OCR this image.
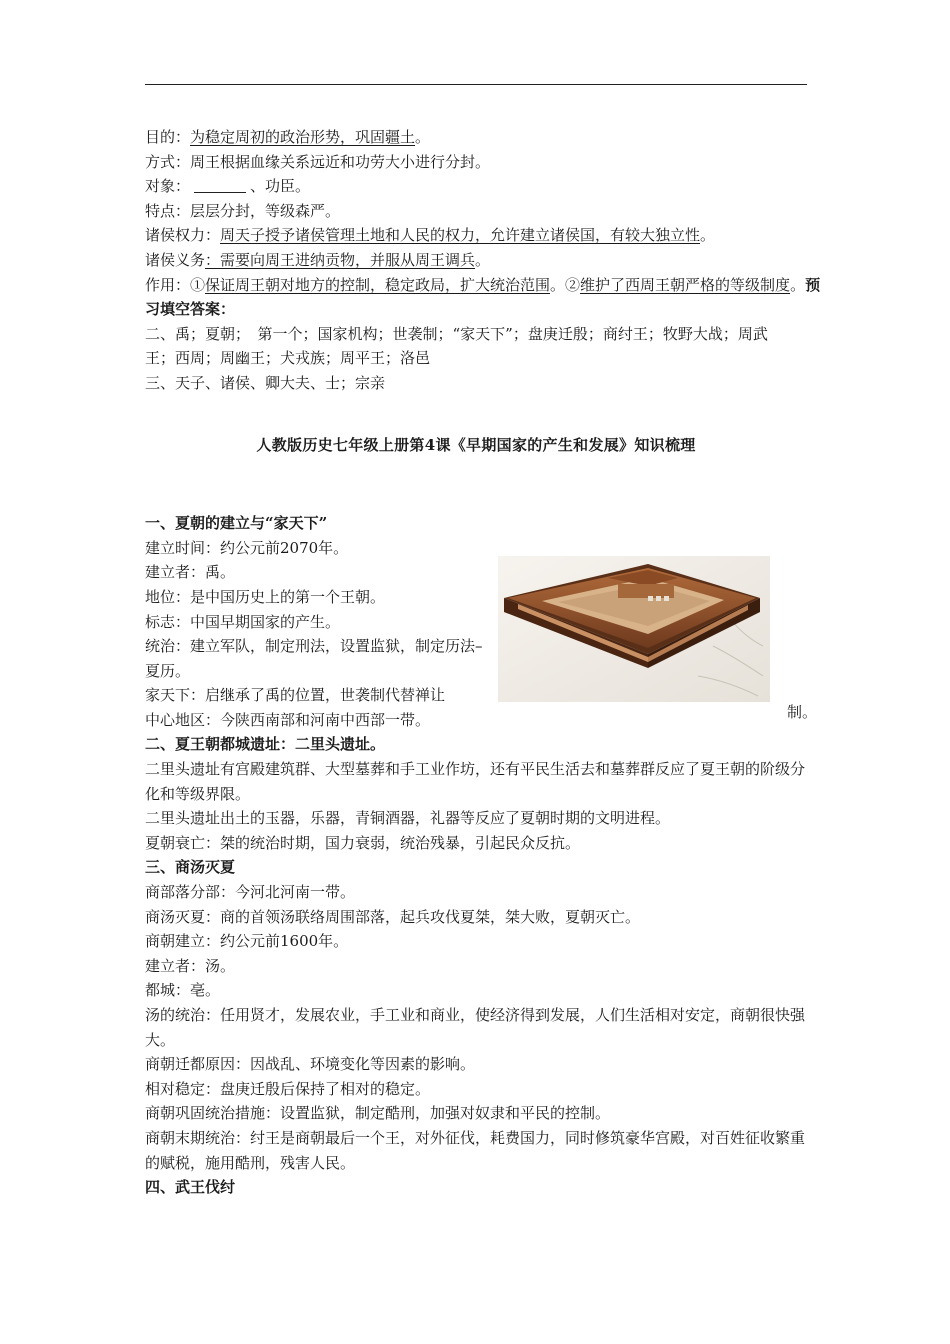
目的：为稳定周初的政治形势，巩固疆土。
方式：周王根据血缘关系远近和功劳大小进行分封。
对象：	、功臣。
特点：层层分封，等级森严。
诸侯权力：周天子授予诸侯管理土地和人民的权力，允许建立诸侯国，有较大独立性。
诸侯义务：需要向周王进纳贡物，并服从周王调兵。
作用：①保证周王朝对地方的控制，稳定政局，扩大统治范围。②维护了西周王朝严格的等级制度。预
习填空答案：
二、禹；夏朝；　第一个；国家机构；世袭制；“家天下”；盘庚迁殷；商纣王；牧野大战；周武
王；西周；周幽王；犬戎族；周平王；洛邑
三、天子、诸侯、卿大夫、士；宗亲
人教版历史七年级上册第4课《早期国家的产生和发展》知识梳理
一、夏朝的建立与“家天下”
建立时间：约公元前2070年。
建立者：禹。
地位：是中国历史上的第一个王朝。
标志：中国早期国家的产生。
统治：建立军队，制定刑法，设置监狱，制定历法–夏历。
家天下：启继承了禹的位置，世袭制代替禅让
中心地区：今陕西南部和河南中西部一带。
二、夏王朝都城遗址：二里头遗址。
二里头遗址有宫殿建筑群、大型墓葬和手工业作坊，还有平民生活去和墓葬群反应了夏王朝的阶级分化和等级界限。
二里头遗址出土的玉器，乐器，青铜酒器，礼器等反应了夏朝时期的文明进程。
夏朝衰亡：桀的统治时期，国力衰弱，统治残暴，引起民众反抗。
三、商汤灭夏
商部落分部：今河北河南一带。
商汤灭夏：商的首领汤联络周围部落，起兵攻伐夏桀，桀大败，夏朝灭亡。
商朝建立：约公元前1600年。
建立者：汤。
都城：亳。
汤的统治：任用贤才，发展农业，手工业和商业，使经济得到发展，人们生活相对安定，商朝很快强大。
商朝迁都原因：因战乱、环境变化等因素的影响。
相对稳定：盘庚迁殷后保持了相对的稳定。
商朝巩固统治措施：设置监狱，制定酷刑，加强对奴隶和平民的控制。
商朝末期统治：纣王是商朝最后一个王，对外征伐，耗费国力，同时修筑豪华宫殿，对百姓征收繁重的赋税，施用酷刑，残害人民。
四、武王伐纣
制。
